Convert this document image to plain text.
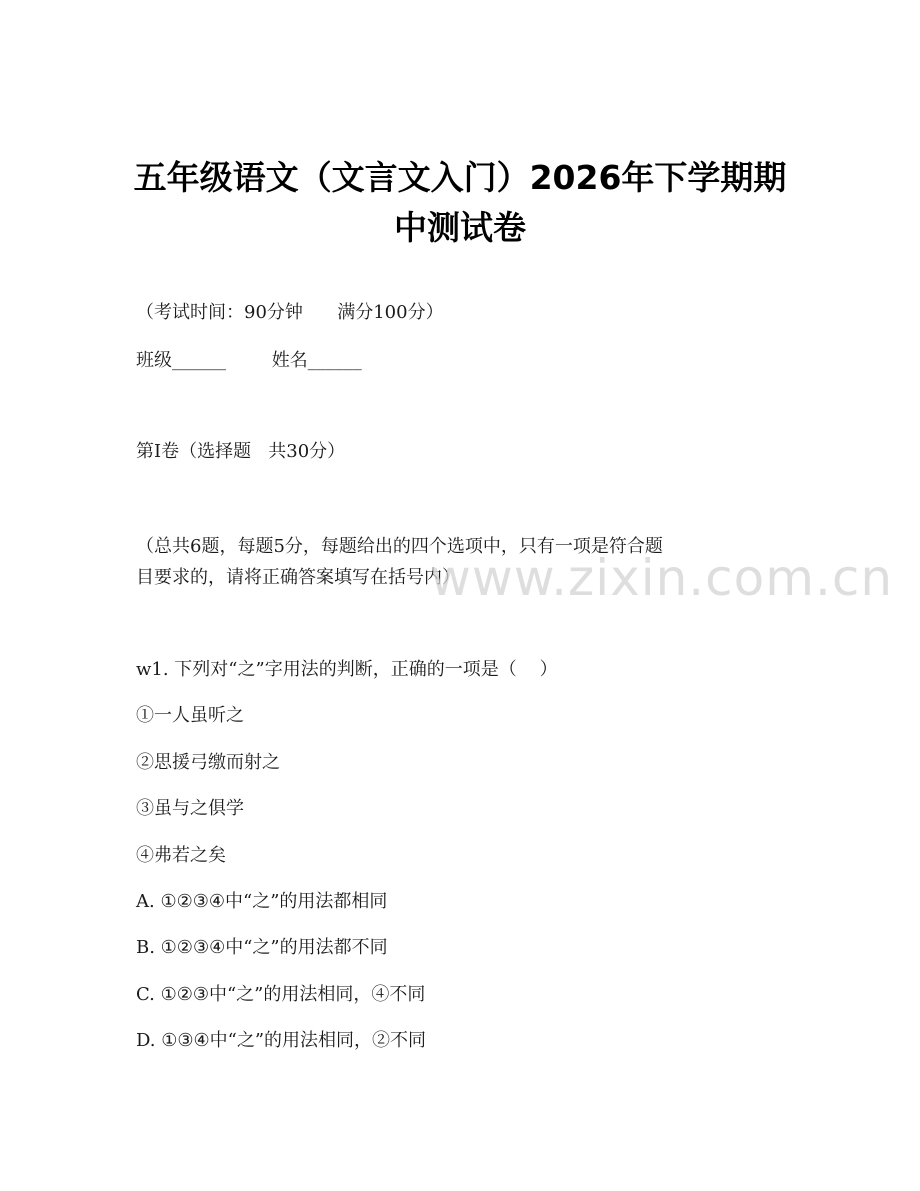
五年级语文（文言文入门）2026年下学期期
中测试卷
（考试时间：90分钟      满分100分）
班级______        姓名______
第I卷（选择题   共30分）
（总共6题，每题5分，每题给出的四个选项中，只有一项是符合题
目要求的，请将正确答案填写在括号内）
www.zixin.com.cn
w1. 下列对“之”字用法的判断，正确的一项是（    ）
①一人虽听之
②思援弓缴而射之
③虽与之俱学
④弗若之矣
A. ①②③④中“之”的用法都相同
B. ①②③④中“之”的用法都不同
C. ①②③中“之”的用法相同，④不同
D. ①③④中“之”的用法相同，②不同
